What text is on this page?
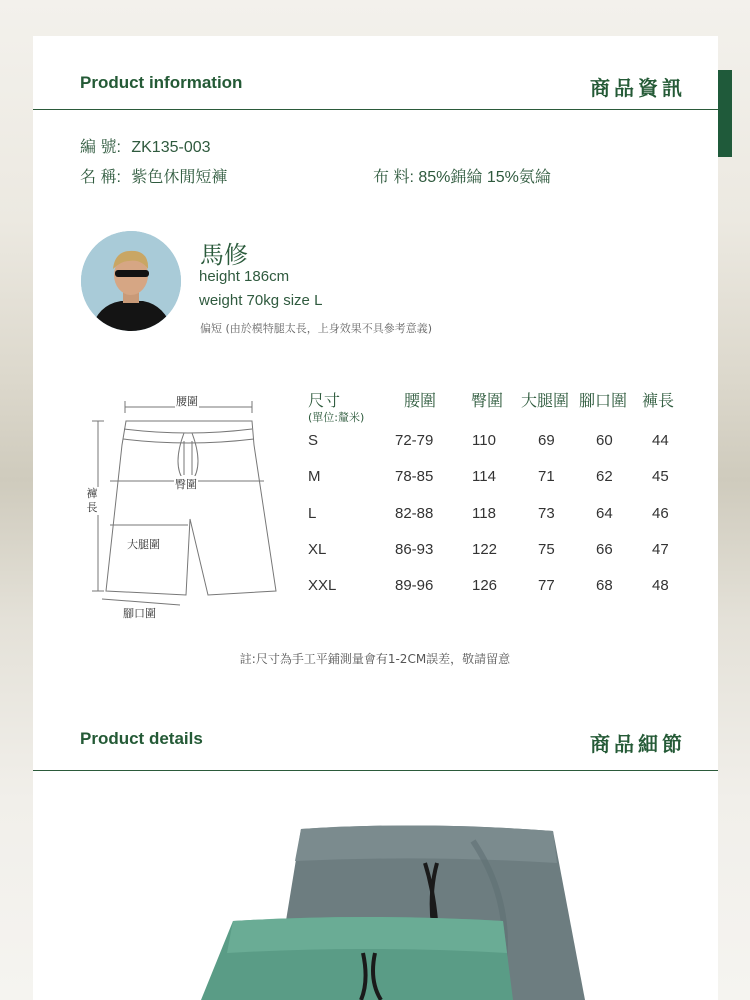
Product information	商品資訊
編 號: ZK135-003
名 稱: 紫色休閒短褲	布 料: 85%錦綸 15%氨綸
馬修
height 186cm
weight 70kg size L
偏短 (由於模特腿太長，上身效果不具參考意義)
腰圍
臀圍
褲長
大腿圍
腳口圍
尺寸	腰圍 臀圍 大腿圍 腳口圍 褲長
(單位:釐米)
S	72-79	110	69	60	44
M	78-85	114	71	62	45
L	82-88	118	73	64	46
XL	86-93	122	75	66	47
XXL	89-96	126	77	68	48
註:尺寸為手工平鋪測量會有1-2CM誤差，敬請留意
Product details	商品細節
